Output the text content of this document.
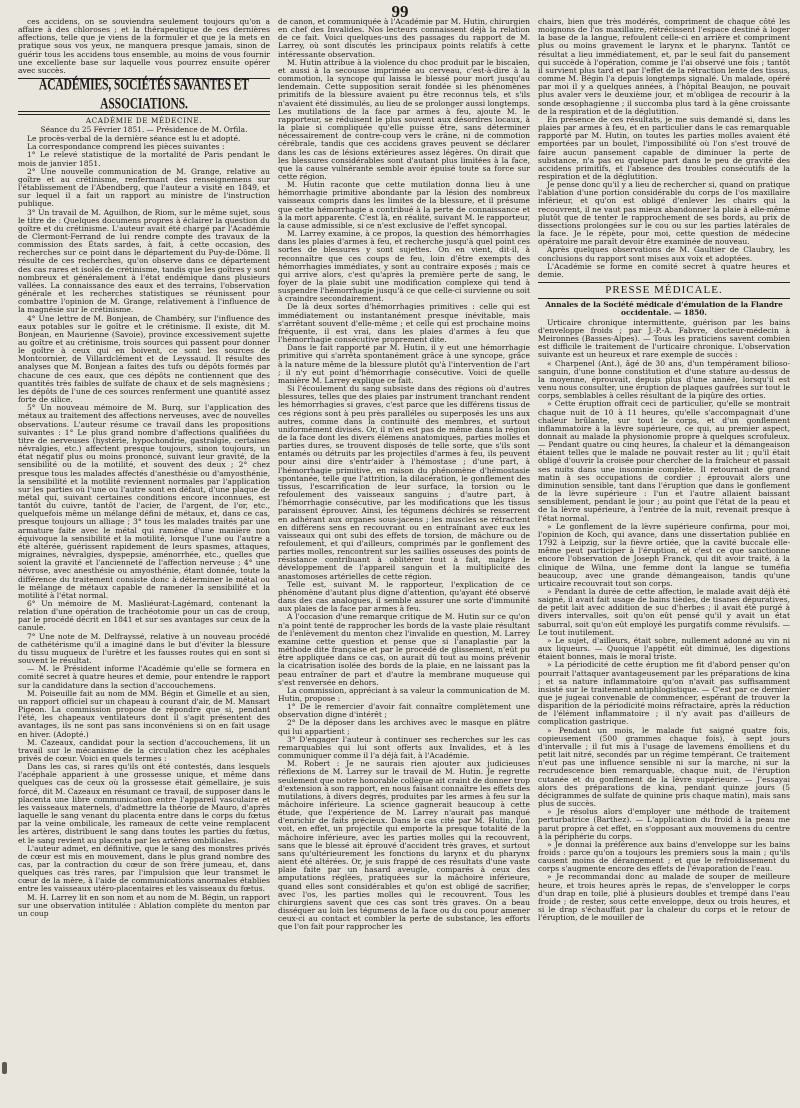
99

ces accidens, on se souviendra seulement toujours qu'on a affaire à des chloroses ; et la thérapeutique de ces dernières affections, telle que je viens de la formuler et que je la mets en pratique sous vos yeux, ne manquera presque jamais, sinon de guérir tous les accidens tous ensemble, au moins de vous fournir une excellente base sur laquelle vous pourrez ensuite opérer avec succès.

ACADÉMIES, SOCIÉTÉS SAVANTES ET ASSOCIATIONS.
ACADÉMIE DE MÉDECINE.
Séance du 25 Février 1851. — Présidence de M. Orfila.

Le procès-verbal de la dernière séance est lu et adopté.

La correspondance comprend les pièces suivantes :

1° Le relevé statistique de la mortalité de Paris pendant le mois de janvier 1851.

2° Une nouvelle communication de M. Grange, relative au goître et au crétinisme, renfermant des renseignemens sur l'établissement de l'Abendberg, que l'auteur a visité en 1849, et sur lequel il a fait un rapport au ministre de l'instruction publique.

3° Un travail de M. Aguilhon, de Riom, sur le même sujet, sous le titre de : Quelques documens propres à éclairer la question du goître et du crétinisme. L'auteur avait été chargé par l'Académie de Clermont-Ferrand de lui rendre compte des travaux de la commission des États sardes, à fait, à cette occasion, des recherches sur ce point dans le département du Puy-de-Dôme. Il résulte de ces recherches, qu'on observe dans ce département des cas rares et isolés de crétinisme, tandis que les goîtres y sont nombreux et généralement à l'état endémique dans plusieurs vallées. La connaissance des eaux et des terrains, l'observation générale et les recherches statistiques se réunissent pour combattre l'opinion de M. Grange, relativement à l'influence de la magnésie sur le crétinisme.

4° Une lettre de M. Bonjean, de Chambéry, sur l'influence des eaux potables sur le goître et le crétinisme. Il existe, dit M. Bonjean, en Maurienne (Savoie), province excessivement sujette au goître et au crétinisme, trois sources qui passent pour donner le goître à ceux qui en boivent, ce sont les sources de Montcornier, de Villardclément et de Leyssaud. Il résulte des analyses que M. Bonjean a faites des tufs ou dépôts formés par chacune de ces eaux, que ces dépôts ne contiennent que des quantités très faibles de sulfate de chaux et de sels magnésiens ; les dépôts de l'une de ces sources renferment une quantité assez forte de silice.

5° Un nouveau mémoire de M. Burq, sur l'application des métaux au traitement des affections nerveuses, avec de nouvelles observations. L'auteur résume ce travail dans les propositions suivantes : 1° Le plus grand nombre d'affections qualifiées du titre de nerveuses (hystérie, hypochondrie, gastralgie, certaines névralgies, etc.) affectent presque toujours, sinon toujours, un état négatif plus ou moins prononcé, suivant leur gravité, de la sensibilité ou de la motilité, et souvent des deux ; 2° chez presque tous les malades affectés d'anesthésie ou d'amyosthénie, la sensibilité et la motilité reviennent normales par l'application sur les parties où l'une ou l'autre sont en défaut, d'une plaque de métal qui, suivant certaines conditions encore inconnues, est tantôt du cuivre, tantôt de l'acier, de l'argent, de l'or, etc., quelquefois même un mélange défini de métaux, et, dans ce cas, presque toujours un alliage ; 3° tous les malades traités par une armature faite avec le métal qui ramène d'une manière non équivoque la sensibilité et la motilité, lorsque l'une ou l'autre a été altérée, guérissent rapidement de leurs spasmes, attaques, migraines, névralgies, dyspepsie, aménorrhée, etc., quelles que soient la gravité et l'ancienneté de l'affection nerveuse ; 4° une névrose, avec anesthésie ou amyosthénie, étant donnée, toute la différence du traitement consiste donc à déterminer le métal ou le mélange de métaux capable de ramener la sensibilité et la motilité à l'état normal.

6° Un mémoire de M. Masliéurat-Lagémard, contenant la relation d'une opération de trachéotomie pour un cas de croup, par le procédé décrit en 1841 et sur ses avantages sur ceux de la canule.

7° Une note de M. Delfrayssé, relative à un nouveau procédé de cathétérisme qu'il a imaginé dans le but d'éviter la blessure du tissu muqueux de l'urètre et les fausses routes qui en sont si souvent le résultat.

— M. le Président informe l'Académie qu'elle se formera en comité secret à quatre heures et demie, pour entendre le rapport sur la candidature dans la section d'accouchemens.

M. Poiseuille fait au nom de MM. Bégin et Gimelle et au sien, un rapport officiel sur un chapeau à courant d'air, de M. Mansart Pigeon. La commission propose de répondre que si, pendant l'été, les chapeaux ventilateurs dont il s'agit présentent des avantages, ils ne sont pas sans inconvéniens si on en fait usage en hiver. (Adopté.)

M. Cazeaux, candidat pour la section d'accouchemens, lit un travail sur le mécanisme de la circulation chez les acéphales privés de cœur. Voici en quels termes :

Dans les cas, si rares qu'ils ont été contestés, dans lesquels l'acéphale apparient à une grossesse unique, et même dans quelques cas de ceux où la grossesse était gémellaire, je suis forcé, dit M. Cazeaux en résumant ce travail, de supposer dans le placenta une libre communication entre l'appareil vasculaire et les vaisseaux maternels, d'admettre la théorie de Mauro, d'après laquelle le sang venant du placenta entre dans le corps du fœtus par la veine ombilicale, les rameaux de cette veine remplacent les artères, distribuent le sang dans toutes les parties du fœtus, et le sang revient au placenta par les artères ombilicales.

L'auteur admet, en définitive, que le sang des monstres privés de cœur est mis en mouvement, dans le plus grand nombre des cas, par la contraction du cœur de son frère jumeau, et, dans quelques cas très rares, par l'impulsion que leur transmet le cœur de la mère, à l'aide de communications anormales établies entre les vaisseaux utéro-placentaires et les vaisseaux du fœtus.

M. H. Larrey lit en son nom et au nom de M. Bégin, un rapport sur une observation intitulée : Ablation complète du menton par un coup

de canon, et communiquée à l'Académie par M. Hutin, chirurgien en chef des Invalides. Nos lecteurs connaissent déjà la relation de ce fait. Voici quelques-uns des passages du rapport de M. Larrey, où sont discutés les principaux points relatifs à cette intéressante observation.

M. Hutin attribue à la violence du choc produit par le biscaïen, et aussi à la secousse imprimée au cerveau, c'est-à-dire à la commotion, la syncope qui laissa le blessé pour mort jusqu'au lendemain. Cette supposition serait fondée si les phénomènes primitifs de la blessure avaient pu être reconnus tels, et s'ils n'avaient été dissimulés, au lieu de se prolonger aussi longtemps. Les mutilations de la face par armes à feu, ajoute M. le rapporteur, se réduisent le plus souvent aux désordres locaux, à la plaie si compliquée qu'elle puisse être, sans déterminer nécessairement de contre-coup vers le crâne, ni de commotion cérébrale, tandis que ces accidens graves peuvent se déclarer dans les cas de lésions extérieures assez légères. On dirait que les blessures considérables sont d'autant plus limitées à la face, que la cause vulnérante semble avoir épuisé toute sa force sur cette région.

M. Hutin raconte que cette mutilation donna lieu à une hémorrhagie primitive abondante par la lésion des nombreux vaisseaux compris dans les limites de la blessure, et il présume que cette hémorrhagie a contribué à la perte de connaissance et à la mort apparente. C'est là, en réalité, suivant M. le rapporteur, la cause admissible, si ce n'est exclusive de l'effet syncopal.

M. Larrey examine, à ce propos, la question des hémorrhagies dans les plaies d'armes à feu, et recherche jusqu'à quel point ces sortes de blessures y sont sujettes. On en vient, dit-il, à reconnaître que ces coups de feu, loin d'être exempts des hémorrhagies immédiates, y sont au contraire exposés ; mais ce qui arrive alors, c'est qu'après la première perte de sang, le foyer de la plaie subit une modification complexe qui tend à suspendre l'hémorrhagie jusqu'à ce que celle-ci survienne ou soit à craindre secondairement.

De là deux sortes d'hémorrhagies primitives : celle qui est immédiatement ou instantanément presque inévitable, mais s'arrêtant souvent d'elle-même ; et celle qui est prochaine moins fréquente, il est vrai, dans les plaies d'armes à feu que l'hémorrhagie consécutive proprement dite.

Dans le fait rapporté par M. Hutin, il y eut une hémorrhagie primitive qui s'arrêta spontanément grâce à une syncope, grâce à la nature même de la blessure plutôt qu'à l'intervention de l'art ; il n'y eut point d'hémorrhagie consécutive. Voici de quelle manière M. Larrey explique ce fait.

Si l'écoulement du sang subsiste dans des régions où d'autres blessures, telles que des plaies par instrument tranchant rendent les hémorrhagies si graves, c'est parce que les différens tissus de ces régions sont à peu près paralléles ou superposés les uns aux autres, comme dans la continuité des membres, et surtout uniformément divisés. Or, il n'en est pas de même dans la région de la face dont les divers élémens anatomiques, parties molles et parties dures, se trouvent disposés de telle sorte, que s'ils sont entamés ou détruits par les projectiles d'armes à feu, ils peuvent pour ainsi dire s'entr'aider à l'hémostase ; d'une part, à l'hémorrhagie primitive, en raison du phénomène d'hémostasie spontanée, telle que l'attrition, la dilacération, le gonflement des tissus, l'escarrification de leur surface, la torsion ou le refoulement des vaisseaux sanguins ; d'autre part, à l'hémorrhagie consécutive, par les modifications que les tissus paraissent éprouver. Ainsi, les tégumens déchirés se resserrent en adhérant aux organes sous-jacens ; les muscles se rétractent en différens sens en recouvrant ou en entraînant avec eux les vaisseaux qui ont subi des effets de torsion, de mâchure ou de refoulement, et qui d'ailleurs, comprimés par le gonflement des parties molles, rencontrent sur les saillies osseuses des points de résistance contribuant à oblitérer tout à fait, malgré le développement de l'appareil sanguin et la multiplicité des anastomoses artérielles de cette région.

Telle est, suivant M. le rapporteur, l'explication de ce phénomène d'autant plus digne d'attention, qu'ayant été observé dans des cas analogues, il semble assurer une sorte d'immunité aux plaies de la face par armes à feu.

A l'occasion d'une remarque critique de M. Hutin sur ce qu'on n'a point tenté de rapprocher les bords de la vaste plaie résultant de l'enlèvement du menton chez l'invalide en question, M. Larrey examine cette question et pense que si l'anaplastie par la méthode dite française et par le procédé de glissement, n'eût pu être appliquée dans ce cas, on aurait dû tout au moins prévenir la cicatrisation isolée des bords de la plaie, en ne laissant pas la peau entraîner de part et d'autre la membrane muqueuse qui s'est renversée en dehors.

La commission, appréciant à sa valeur la communication de M. Hutin, propose :

1° De le remercier d'avoir fait connaître complètement une observation digne d'intérêt ;

2° De la déposer dans les archives avec le masque en plâtre qui lui appartient ;

3° D'engager l'auteur à continuer ses recherches sur les cas remarquables qui lui sont offerts aux Invalides, et à les communiquer comme il l'a déjà fait, à l'Académie.

M. Robert : Je ne saurais rien ajouter aux judicieuses réflexions de M. Larrey sur le travail de M. Hutin. Je regrette seulement que notre honorable collègue ait craint de donner trop d'extension à son rapport, en nous faisant connaître les effets des mutilations, à divers degrés, produites par les armes à feu sur la mâchoire inférieure. La science gagnerait beaucoup à cette étude, que l'expérience de M. Larrey n'aurait pas manqué d'enrichir de faits précieux. Dans le cas cité par M. Hutin, l'on voit, en effet, un projectile qui emporte la presque totalité de la mâchoire inférieure, avec les parties molles qui la recouvrent, sans que le blessé ait éprouvé d'accident très graves, et surtout sans qu'ultérieurement les fonctions du larynx et du pharynx aient été altérées. Or, je suis frappé de ces résultats d'une vaste plaie faite par un hasard aveugle, comparés à ceux des amputations réglées, pratiquées sur la mâchoire inférieure, quand elles sont considérables et qu'on est obligé de sacrifier, avec l'os, les parties molles qui le recouvrent. Tous les chirurgiens savent que ces cas sont très graves. On a beau disséquer au loin les tégumens de la face ou du cou pour amener ceux-ci au contact et combler la perte de substance, les efforts que l'on fait pour rapprocher les

chairs, bien que très modérés, compriment de chaque côté les moignons de l'os maxillaire, rétrécissent l'espace destiné à loger la base de la langue, refoulent celle-ci en arrière et compriment plus ou moins gravement le larynx et le pharynx. Tantôt ce résultat a lieu immédiatement, et, par le seul fait du pansement qui succède à l'opération, comme je l'ai observé une fois ; tantôt il survient plus tard et par l'effet de la rétraction lente des tissus, comme M. Bégin l'a depuis longtemps signalé. Un malade, opéré par moi il y a quelques années, à l'hôpital Beaujon, ne pouvait plus avaler vers le deuxième jour, et m'obligea de recourir à la sonde œsophagienne ; il succomba plus tard à la gêne croissante de la respiration et de la déglutition.

En présence de ces résultats, je me suis demandé si, dans les plaies par armes à feu, et en particulier dans le cas remarquable rapporté par M. Hutin, on toutes les parties molles avaient été emportées par un boulet, l'impossibilité où l'on s'est trouvé de faire aucun pansement capable de diminuer la perte de substance, n'a pas eu quelque part dans le peu de gravité des accidens primitifs, et l'absence des troubles consécutifs de la respiration et de la déglutition.

Je pense donc qu'il y a lieu de rechercher si, quand on pratique l'ablation d'une portion considérable du corps de l'os maxillaire inférieur, et qu'on est obligé d'enlever les chairs qui la recouvrent, il ne vaut pas mieux abandonner la plaie à elle-même plutôt que de tenter le rapprochement de ses bords, au prix de dissections prolongées sur le cou ou sur les parties latérales de la face. Je le répète, pour moi, cette question de médecine opératoire me paraît devoir être examinée de nouveau.

Après quelques observations de M. Gaultier de Claubry, les conclusions du rapport sont mises aux voix et adoptées.

L'Académie se forme en comité secret à quatre heures et demie.

PRESSE MÉDICALE.
Annales de la Société médicale d'émulation de la Flandre occidentale. — 1850.

Urticaire chronique intermittente, guérison par les bains d'enveloppe froids ; par J.-P.-A. Fabvre, docteur-médecin à Meironnes (Basses-Alpes). — Tous les praticiens savent combien est difficile le traitement de l'urticaire chronique. L'observation suivante est un heureux et rare exemple de succès :

« Charpenel (Ant.), âgé de 30 ans, d'un tempérament bilioso-sanguin, d'une bonne constitution et d'une stature au-dessus de la moyenne, éprouvait, depuis plus d'une année, lorsqu'il est venu nous consulter, une éruption de plaques gaufrées sur tout le corps, semblables à celles résultant de la piqûre des orties.

» Cette éruption offrait ceci de particulier, qu'elle se montrait chaque nuit de 10 à 11 heures, qu'elle s'accompagnait d'une chaleur brûlante, sur tout le corps, et d'un gonflement inflammatoire à la lèvre supérieure, ce qui, au premier aspect, donnait au malade la physionomie propre à quelques scrofuleux. — Pendant quatre ou cinq heures, la chaleur et la démangeaison étaient telles que le malade ne pouvait rester au lit ; qu'il était obligé d'ouvrir la croisée pour chercher de la fraîcheur et passait ses nuits dans une insomnie complète. Il retournait de grand matin à ses occupations de cordier ; éprouvait alors une diminution sensible, tant dans l'éruption que dans le gonflement de la lèvre supérieure : l'un et l'autre allaient baissant sensiblement, pendant le jour ; au point que l'état de la peau et de la lèvre supérieure, à l'entrée de la nuit, revenait presque à l'état normal.

» Le gonflement de la lèvre supérieure confirma, pour moi, l'opinion de Koch, qui avance, dans une dissertation publiée en 1792 à Leipzig, sur la fièvre ortiée, que la cavité buccale elle-même peut participer à l'éruption, et c'est ce que sanctionne encore l'observation de Joseph Franck, qui dit avoir traité, à la clinique de Wilna, une femme dont la langue se tuméfia beaucoup, avec une grande démangeaison, tandis qu'une urticaire recouvrait tout son corps.

» Pendant la durée de cette affection, le malade avait déjà été saigné, il avait fait usage de bains tièdes, de tisanes dépuratives, de petit lait avec addition de suc d'herbes ; il avait été purgé à divers intervalles, soit qu'on eût pensé qu'il y avait un état saburral, soit qu'on eût employé les purgatifs comme révulsifs. — Le tout inutilement.

» Le sujet, d'ailleurs, était sobre, nullement adonné au vin ni aux liqueurs. — Quoique l'appétit eût diminué, les digestions étaient bonnes, mais le moral triste.

» La périodicité de cette éruption me fit d'abord penser qu'on pourrait l'attaquer avantageusement par les préparations de kina ; et sa nature inflammatoire qu'on n'avait pas suffisamment insisté sur le traitement antiphlogistique. — C'est par ce dernier que je jugeai convenable de commencer, espérant de trouver la disparition de la périodicité moins réfractaire, après la réduction de l'élément inflammatoire ; il n'y avait pas d'ailleurs de complication gastrique.

» Pendant un mois, le malade fut saigné quatre fois, copieusement (500 grammes chaque fois), à sept jours d'intervalle ; il fut mis à l'usage de lavemens émolliens et du petit lait nitré, secondés par un régime tempérant. Ce traitement n'eut pas une influence sensible ni sur la marche, ni sur la recrudescence bien remarquable, chaque nuit, de l'éruption cutanée et du gonflement de la lèvre supérieure. — J'essayai alors des préparations de kina, pendant quinze jours (5 décigrammes de sulfate de quinine pris chaque matin), mais sans plus de succès.

» Je résolus alors d'employer une méthode de traitement perturbatrice (Barthez). — L'application du froid à la peau me parut propre à cet effet, en s'opposant aux mouvemens du centre à la périphérie du corps.

» Je donnai la préférence aux bains d'enveloppe sur les bains froids : parce qu'on a toujours les premiers sous la main ; qu'ils causent moins de dérangement ; et que le refroidissement du corps s'augmente encore des effets de l'évaporation de l'eau.

» Je recommandai donc au malade de souper de meilleure heure, et trois heures après le repas, de s'envelopper le corps d'un drap en toile, plié à plusieurs doubles et trempé dans l'eau froide ; de rester, sous cette enveloppe, deux ou trois heures, et si le drap s'échauffait par la chaleur du corps et le retour de l'éruption, de le mouiller de
